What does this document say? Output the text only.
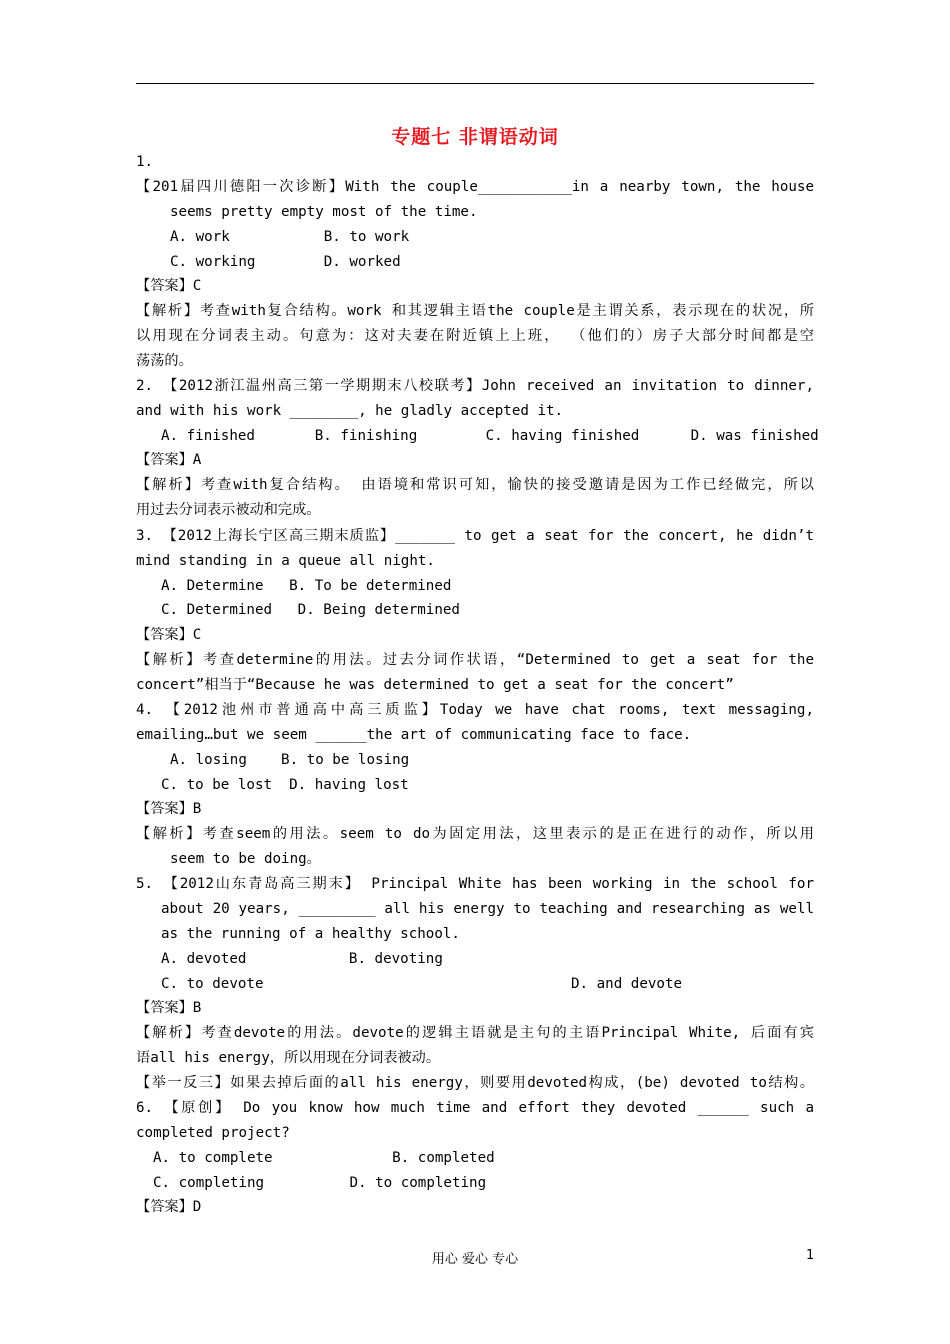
专题七 非谓语动词
1.
【201届四川德阳一次诊断】With the couple___________in a nearby town, the house
seems pretty empty most of the time.
A. work           B. to work
C. working        D. worked
【答案】C
【解析】考查with复合结构。work 和其逻辑主语the couple是主谓关系，表示现在的状况，所
以用现在分词表主动。句意为：这对夫妻在附近镇上上班， （他们的）房子大部分时间都是空
荡荡的。
2. 【2012浙江温州高三第一学期期末八校联考】John received an invitation to dinner,
and with his work ________, he gladly accepted it.
A. finished       B. finishing        C. having finished      D. was finished
【答案】A
【解析】考查with复合结构。 由语境和常识可知，愉快的接受邀请是因为工作已经做完，所以
用过去分词表示被动和完成。
3. 【2012上海长宁区高三期末质监】_______ to get a seat for the concert, he didn’t
mind standing in a queue all night.
A. Determine   B. To be determined
C. Determined   D. Being determined
【答案】C
【解析】考查determine的用法。过去分词作状语，“Determined to get a seat for the
concert”相当于“Because he was determined to get a seat for the concert”
4. 【2012池州市普通高中高三质监】Today we have chat rooms, text messaging,
emailing…but we seem ______the art of communicating face to face.
A. losing    B. to be losing
C. to be lost  D. having lost
【答案】B
【解析】考查seem的用法。seem to do为固定用法，这里表示的是正在进行的动作，所以用
seem to be doing。
5. 【2012山东青岛高三期末】 Principal White has been working in the school for
about 20 years, _________ all his energy to teaching and researching as well
as the running of a healthy school.
A. devoted            B. devoting
C. to devote                                    D. and devote
【答案】B
【解析】考查devote的用法。devote的逻辑主语就是主句的主语Principal White, 后面有宾
语all his energy，所以用现在分词表被动。
【举一反三】如果去掉后面的all his energy，则要用devoted构成，(be) devoted to结构。
6. 【原创】 Do you know how much time and effort they devoted ______ such a
completed project?
A. to complete              B. completed
C. completing          D. to completing
【答案】D
用心 爱心 专心	1
